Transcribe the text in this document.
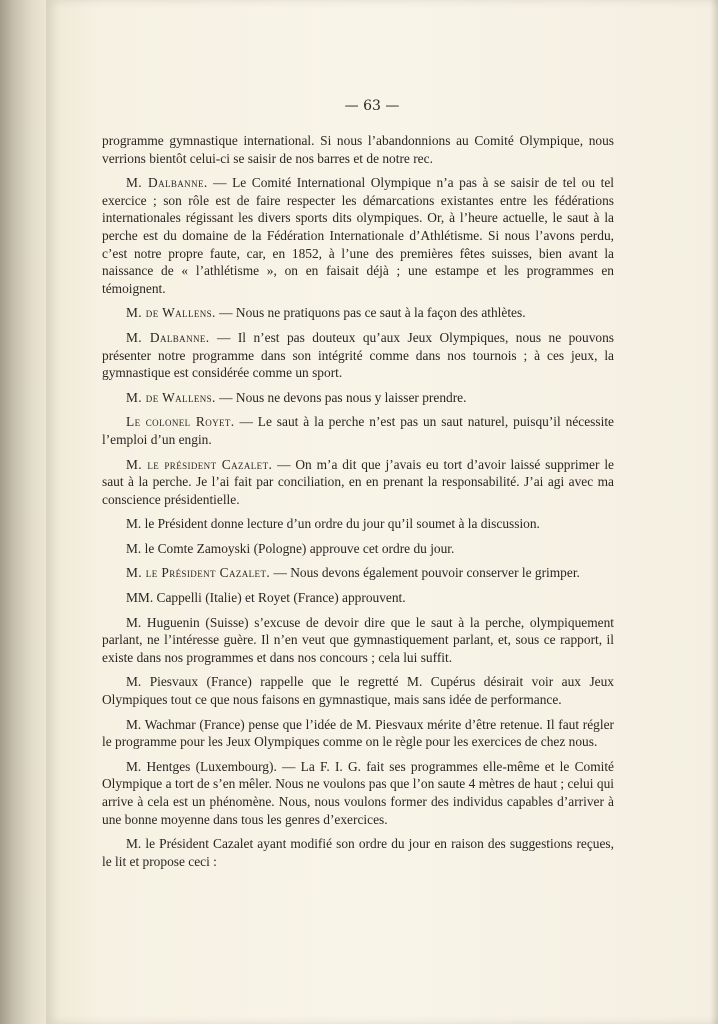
— 63 —

programme gymnastique international. Si nous l’abandonnions au Comité Olympique, nous verrions bientôt celui-ci se saisir de nos barres et de notre rec.

M. Dalbanne. — Le Comité International Olympique n’a pas à se saisir de tel ou tel exercice ; son rôle est de faire respecter les démarcations existantes entre les fédérations internationales régissant les divers sports dits olympiques. Or, à l’heure actuelle, le saut à la perche est du domaine de la Fédération Internationale d’Athlétisme. Si nous l’avons perdu, c’est notre propre faute, car, en 1852, à l’une des premières fêtes suisses, bien avant la naissance de « l’athlétisme », on en faisait déjà ; une estampe et les programmes en témoignent.

M. de Wallens. — Nous ne pratiquons pas ce saut à la façon des athlètes.

M. Dalbanne. — Il n’est pas douteux qu’aux Jeux Olympiques, nous ne pouvons présenter notre programme dans son intégrité comme dans nos tournois ; à ces jeux, la gymnastique est considérée comme un sport.

M. de Wallens. — Nous ne devons pas nous y laisser prendre.

Le colonel Royet. — Le saut à la perche n’est pas un saut naturel, puisqu’il nécessite l’emploi d’un engin.

M. le président Cazalet. — On m’a dit que j’avais eu tort d’avoir laissé supprimer le saut à la perche. Je l’ai fait par conciliation, en en prenant la responsabilité. J’ai agi avec ma conscience présidentielle.

M. le Président donne lecture d’un ordre du jour qu’il soumet à la discussion.

M. le Comte Zamoyski (Pologne) approuve cet ordre du jour.

M. le Président Cazalet. — Nous devons également pouvoir conserver le grimper.

MM. Cappelli (Italie) et Royet (France) approuvent.

M. Huguenin (Suisse) s’excuse de devoir dire que le saut à la perche, olympiquement parlant, ne l’intéresse guère. Il n’en veut que gymnastiquement parlant, et, sous ce rapport, il existe dans nos programmes et dans nos concours ; cela lui suffit.

M. Piesvaux (France) rappelle que le regretté M. Cupérus désirait voir aux Jeux Olympiques tout ce que nous faisons en gymnastique, mais sans idée de performance.

M. Wachmar (France) pense que l’idée de M. Piesvaux mérite d’être retenue. Il faut régler le programme pour les Jeux Olympiques comme on le règle pour les exercices de chez nous.

M. Hentges (Luxembourg). — La F. I. G. fait ses programmes elle-même et le Comité Olympique a tort de s’en mêler. Nous ne voulons pas que l’on saute 4 mètres de haut ; celui qui arrive à cela est un phénomène. Nous, nous voulons former des individus capables d’arriver à une bonne moyenne dans tous les genres d’exercices.

M. le Président Cazalet ayant modifié son ordre du jour en raison des suggestions reçues, le lit et propose ceci :
